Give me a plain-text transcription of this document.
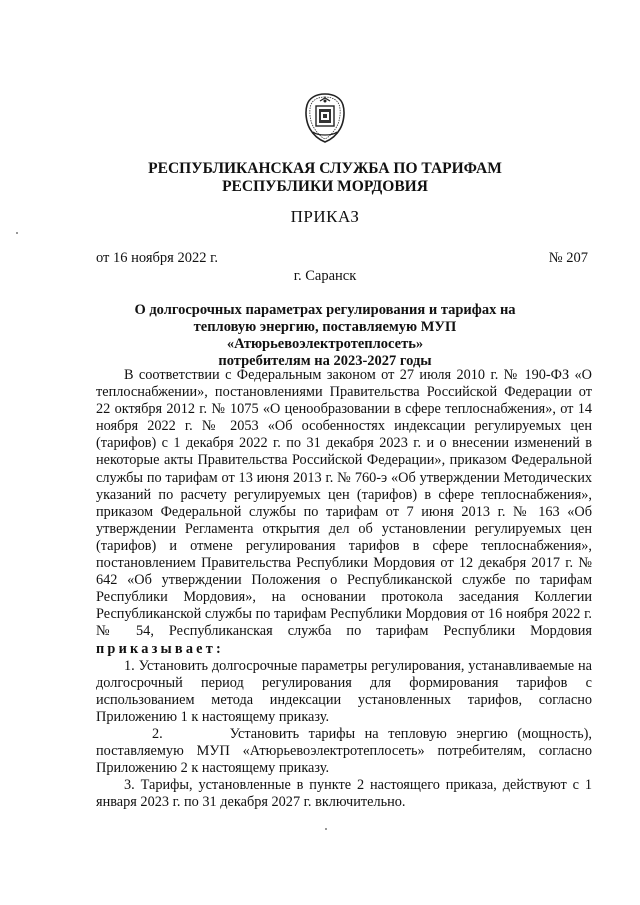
РЕСПУБЛИКАНСКАЯ СЛУЖБА ПО ТАРИФАМ
РЕСПУБЛИКИ МОРДОВИЯ
ПРИКАЗ
от 16 ноября 2022 г.	№ 207
г. Саранск
О долгосрочных параметрах регулирования и тарифах на
тепловую энергию, поставляемую МУП «Атюрьевоэлектротеплосеть»
потребителям на 2023-2027 годы

В соответствии с Федеральным законом от 27 июля 2010 г. № 190-ФЗ «О теплоснабжении», постановлениями Правительства Российской Федерации от 22 октября 2012 г. № 1075 «О ценообразовании в сфере теплоснабжения», от 14 ноября 2022 г. № 2053 «Об особенностях индексации регулируемых цен (тарифов) с 1 декабря 2022 г. по 31 декабря 2023 г. и о внесении изменений в некоторые акты Правительства Российской Федерации», приказом Федеральной службы по тарифам от 13 июня 2013 г. № 760-э «Об утверждении Методических указаний по расчету регулируемых цен (тарифов) в сфере теплоснабжения», приказом Федеральной службы по тарифам от 7 июня 2013 г. № 163 «Об утверждении Регламента открытия дел об установлении регулируемых цен (тарифов) и отмене регулирования тарифов в сфере теплоснабжения», постановлением Правительства Республики Мордовия от 12 декабря 2017 г. № 642 «Об утверждении Положения о Республиканской службе по тарифам Республики Мордовия», на основании протокола заседания Коллегии Республиканской службы по тарифам Республики Мордовия от 16 ноября 2022 г. № 54, Республиканская служба по тарифам Республики Мордовия приказывает:

1. Установить долгосрочные параметры регулирования, устанавливаемые на долгосрочный период регулирования для формирования тарифов с использованием метода индексации установленных тарифов, согласно Приложению 1 к настоящему приказу.

2.	Установить тарифы на тепловую энергию (мощность), поставляемую МУП «Атюрьевоэлектротеплосеть» потребителям, согласно Приложению 2 к настоящему приказу.

3. Тарифы, установленные в пункте 2 настоящего приказа, действуют с 1 января 2023 г. по 31 декабря 2027 г. включительно.
